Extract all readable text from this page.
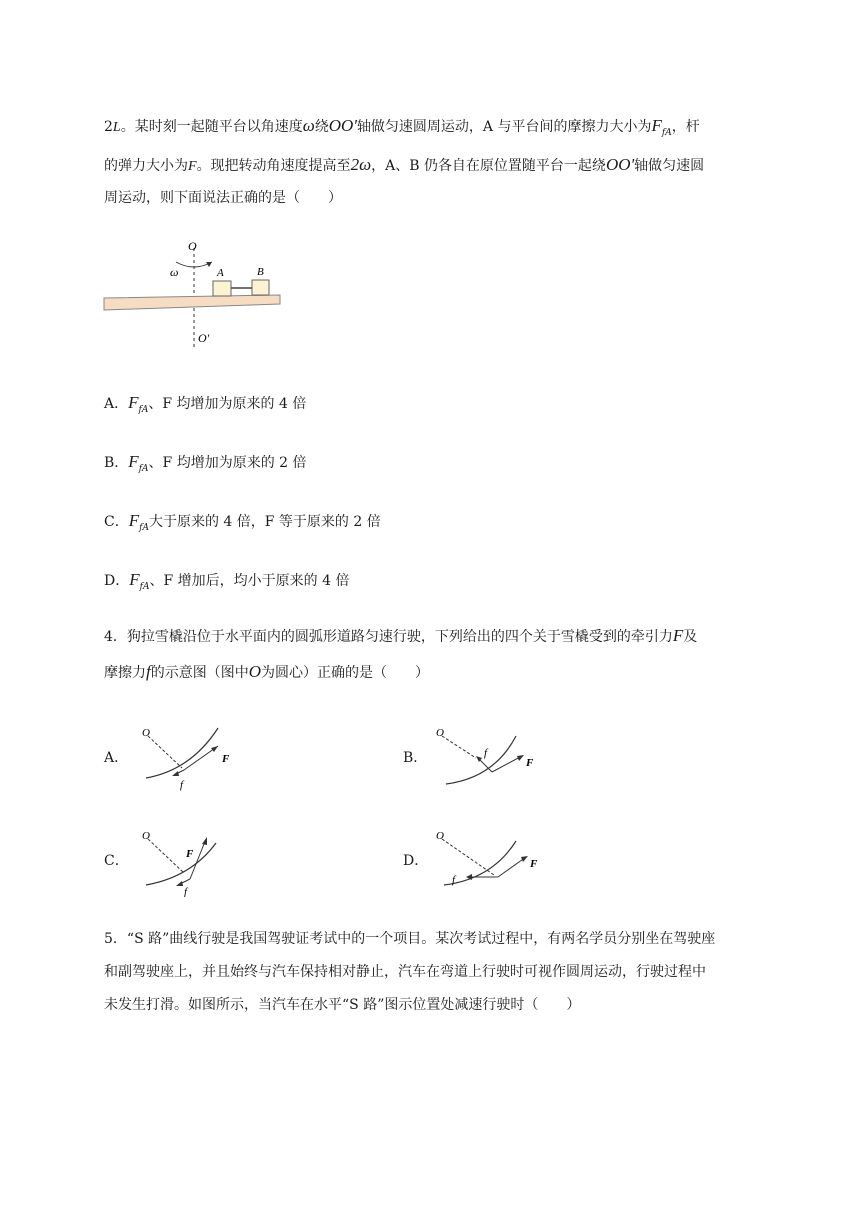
2L。某时刻一起随平台以角速度ω绕OO'轴做匀速圆周运动，A 与平台间的摩擦力大小为$F_{fA}$，杆
的弹力大小为F。现把转动角速度提高至2ω，A、B 仍各自在原位置随平台一起绕OO'轴做匀速圆
周运动，则下面说法正确的是（　　）
O
O′
ω	A	B
A．$F_{fA}$、F 均增加为原来的 4 倍
B．$F_{fA}$、F 均增加为原来的 2 倍
C．$F_{fA}$大于原来的 4 倍，F 等于原来的 2 倍
D．$F_{fA}$、F 增加后，均小于原来的 4 倍
4．狗拉雪橇沿位于水平面内的圆弧形道路匀速行驶，下列给出的四个关于雪橇受到的牵引力F及
摩擦力f的示意图（图中O为圆心）正确的是（　　）
A．	B．
C．	D．
O
F
f
O
F
f
O
F
f
O
F
f
5．“S 路”曲线行驶是我国驾驶证考试中的一个项目。某次考试过程中，有两名学员分别坐在驾驶座
和副驾驶座上，并且始终与汽车保持相对静止，汽车在弯道上行驶时可视作圆周运动，行驶过程中
未发生打滑。如图所示，当汽车在水平“S 路”图示位置处减速行驶时（　　）
